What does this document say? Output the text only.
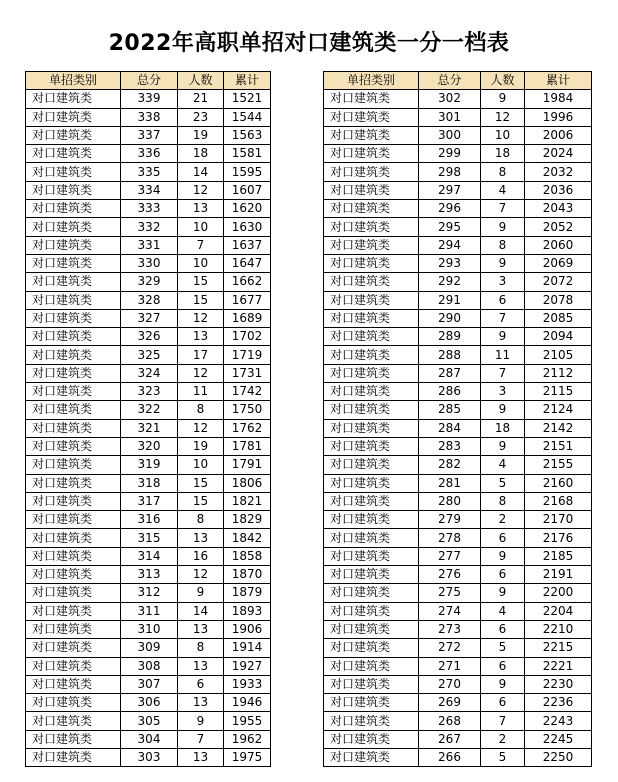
2022年高职单招对口建筑类一分一档表
单招类别	总分	人数	累计
对口建筑类	339	21	1521
对口建筑类	338	23	1544
对口建筑类	337	19	1563
对口建筑类	336	18	1581
对口建筑类	335	14	1595
对口建筑类	334	12	1607
对口建筑类	333	13	1620
对口建筑类	332	10	1630
对口建筑类	331	7	1637
对口建筑类	330	10	1647
对口建筑类	329	15	1662
对口建筑类	328	15	1677
对口建筑类	327	12	1689
对口建筑类	326	13	1702
对口建筑类	325	17	1719
对口建筑类	324	12	1731
对口建筑类	323	11	1742
对口建筑类	322	8	1750
对口建筑类	321	12	1762
对口建筑类	320	19	1781
对口建筑类	319	10	1791
对口建筑类	318	15	1806
对口建筑类	317	15	1821
对口建筑类	316	8	1829
对口建筑类	315	13	1842
对口建筑类	314	16	1858
对口建筑类	313	12	1870
对口建筑类	312	9	1879
对口建筑类	311	14	1893
对口建筑类	310	13	1906
对口建筑类	309	8	1914
对口建筑类	308	13	1927
对口建筑类	307	6	1933
对口建筑类	306	13	1946
对口建筑类	305	9	1955
对口建筑类	304	7	1962
对口建筑类	303	13	1975
单招类别	总分	人数	累计
对口建筑类	302	9	1984
对口建筑类	301	12	1996
对口建筑类	300	10	2006
对口建筑类	299	18	2024
对口建筑类	298	8	2032
对口建筑类	297	4	2036
对口建筑类	296	7	2043
对口建筑类	295	9	2052
对口建筑类	294	8	2060
对口建筑类	293	9	2069
对口建筑类	292	3	2072
对口建筑类	291	6	2078
对口建筑类	290	7	2085
对口建筑类	289	9	2094
对口建筑类	288	11	2105
对口建筑类	287	7	2112
对口建筑类	286	3	2115
对口建筑类	285	9	2124
对口建筑类	284	18	2142
对口建筑类	283	9	2151
对口建筑类	282	4	2155
对口建筑类	281	5	2160
对口建筑类	280	8	2168
对口建筑类	279	2	2170
对口建筑类	278	6	2176
对口建筑类	277	9	2185
对口建筑类	276	6	2191
对口建筑类	275	9	2200
对口建筑类	274	4	2204
对口建筑类	273	6	2210
对口建筑类	272	5	2215
对口建筑类	271	6	2221
对口建筑类	270	9	2230
对口建筑类	269	6	2236
对口建筑类	268	7	2243
对口建筑类	267	2	2245
对口建筑类	266	5	2250
